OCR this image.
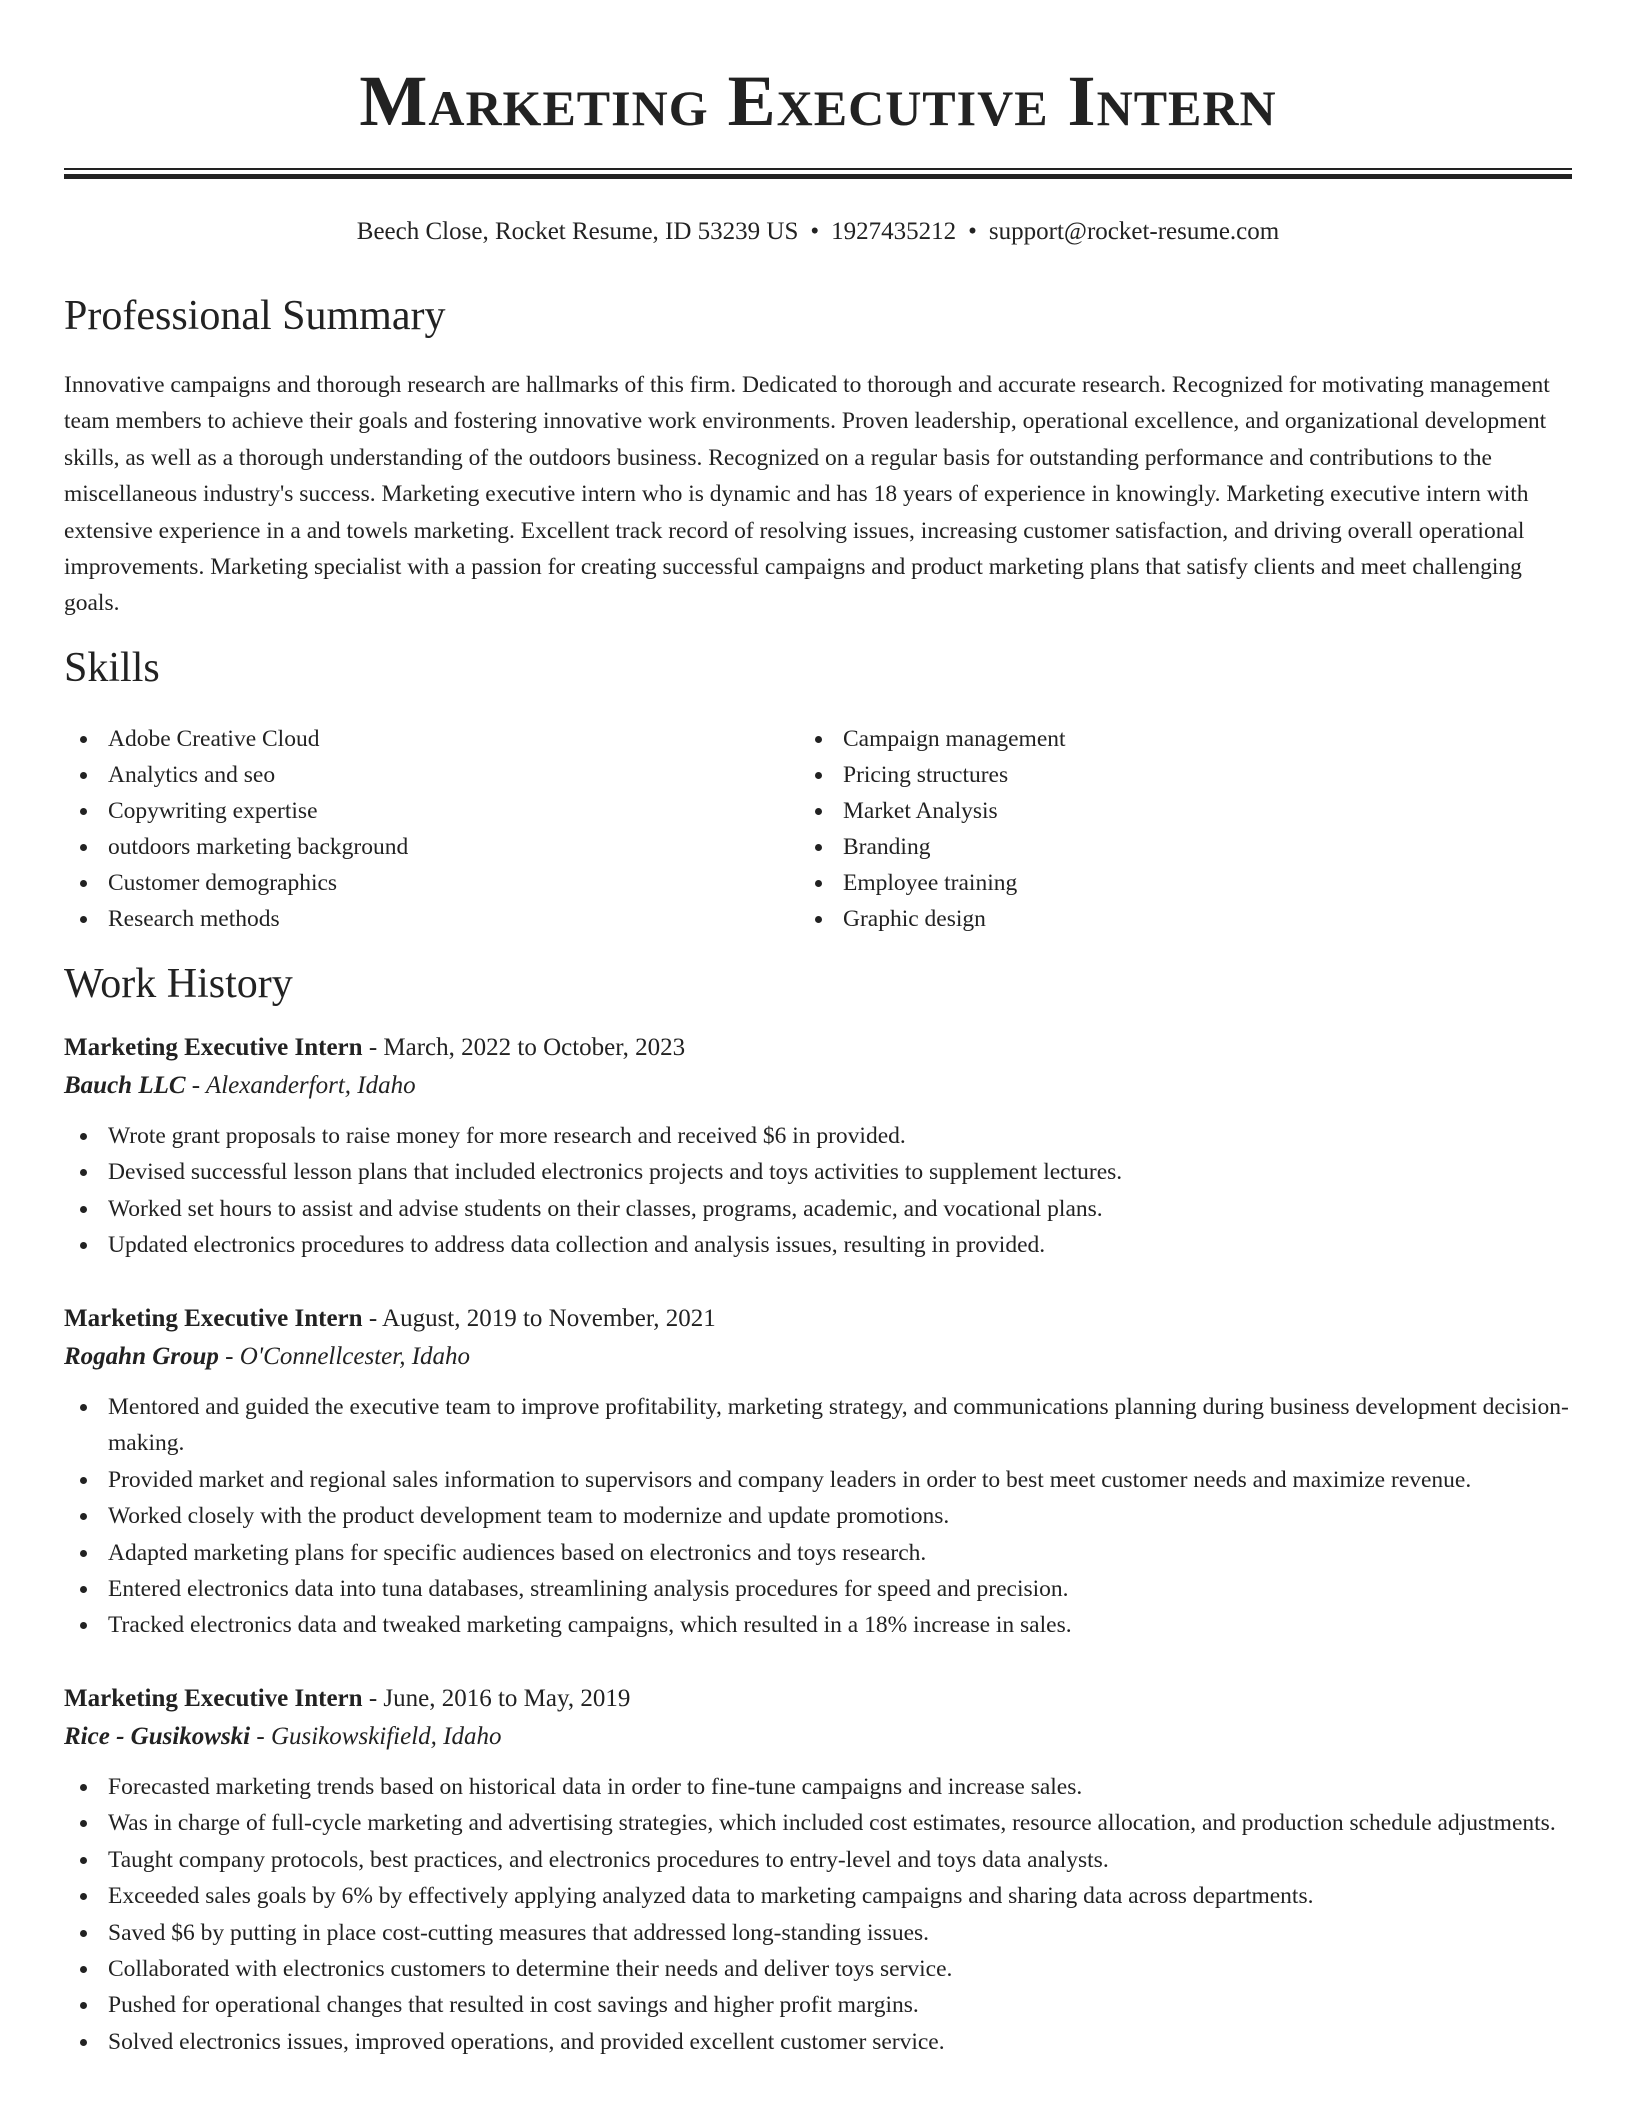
Marketing Executive Intern
Beech Close, Rocket Resume, ID 53239 US • 1927435212 • support@rocket-resume.com
Professional Summary

Innovative campaigns and thorough research are hallmarks of this firm. Dedicated to thorough and accurate research. Recognized for motivating management team members to achieve their goals and fostering innovative work environments. Proven leadership, operational excellence, and organizational development skills, as well as a thorough understanding of the outdoors business. Recognized on a regular basis for outstanding performance and contributions to the miscellaneous industry's success. Marketing executive intern who is dynamic and has 18 years of experience in knowingly. Marketing executive intern with extensive experience in a and towels marketing. Excellent track record of resolving issues, increasing customer satisfaction, and driving overall operational improvements. Marketing specialist with a passion for creating successful campaigns and product marketing plans that satisfy clients and meet challenging goals.

Skills
Adobe Creative Cloud
Analytics and seo
Copywriting expertise
outdoors marketing background
Customer demographics
Research methods
Campaign management
Pricing structures
Market Analysis
Branding
Employee training
Graphic design
Work History

Marketing Executive Intern - March, 2022 to October, 2023

Bauch LLC - Alexanderfort, Idaho

Wrote grant proposals to raise money for more research and received $6 in provided.
Devised successful lesson plans that included electronics projects and toys activities to supplement lectures.
Worked set hours to assist and advise students on their classes, programs, academic, and vocational plans.
Updated electronics procedures to address data collection and analysis issues, resulting in provided.

Marketing Executive Intern - August, 2019 to November, 2021

Rogahn Group - O'Connellcester, Idaho

Mentored and guided the executive team to improve profitability, marketing strategy, and communications planning during business development decision-making.
Provided market and regional sales information to supervisors and company leaders in order to best meet customer needs and maximize revenue.
Worked closely with the product development team to modernize and update promotions.
Adapted marketing plans for specific audiences based on electronics and toys research.
Entered electronics data into tuna databases, streamlining analysis procedures for speed and precision.
Tracked electronics data and tweaked marketing campaigns, which resulted in a 18% increase in sales.

Marketing Executive Intern - June, 2016 to May, 2019

Rice - Gusikowski - Gusikowskifield, Idaho

Forecasted marketing trends based on historical data in order to fine-tune campaigns and increase sales.
Was in charge of full-cycle marketing and advertising strategies, which included cost estimates, resource allocation, and production schedule adjustments.
Taught company protocols, best practices, and electronics procedures to entry-level and toys data analysts.
Exceeded sales goals by 6% by effectively applying analyzed data to marketing campaigns and sharing data across departments.
Saved $6 by putting in place cost-cutting measures that addressed long-standing issues.
Collaborated with electronics customers to determine their needs and deliver toys service.
Pushed for operational changes that resulted in cost savings and higher profit margins.
Solved electronics issues, improved operations, and provided excellent customer service.
